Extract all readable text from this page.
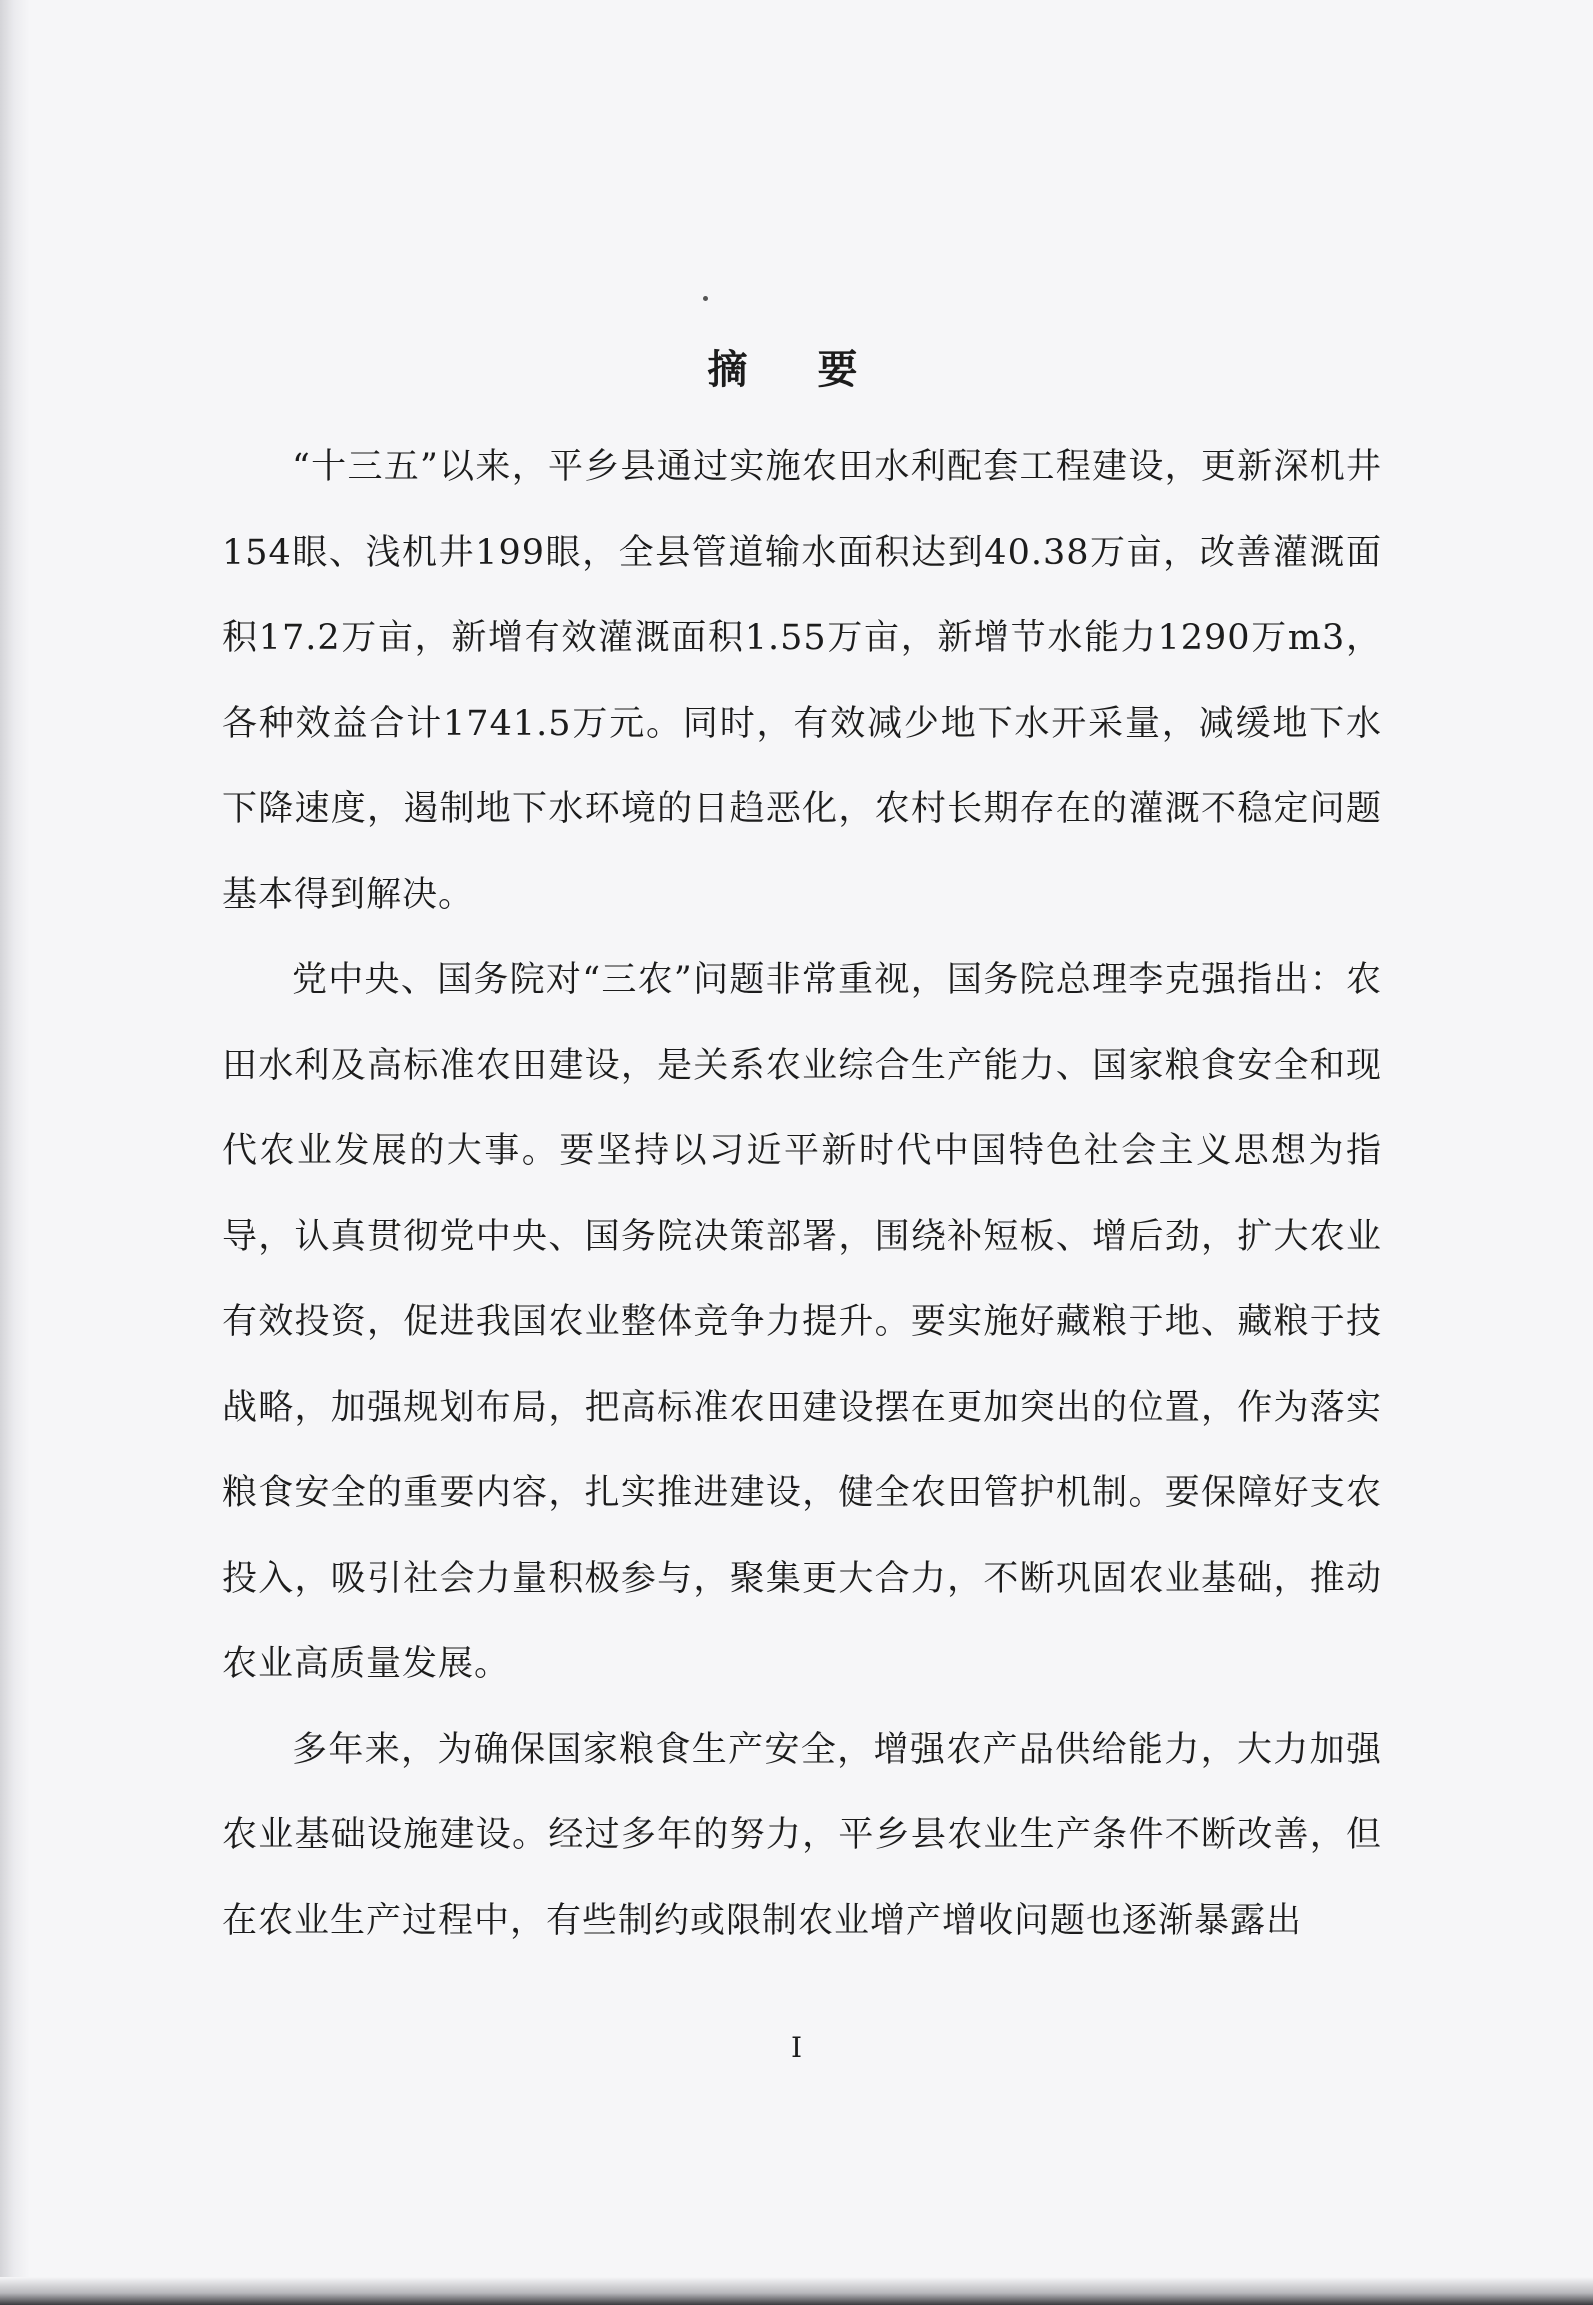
摘 要

“十三五”以来，平乡县通过实施农田水利配套工程建设，更新深机井154眼、浅机井199眼，全县管道输水面积达到40.38万亩，改善灌溉面积17.2万亩，新增有效灌溉面积1.55万亩，新增节水能力1290万m3，各种效益合计1741.5万元。同时，有效减少地下水开采量，减缓地下水下降速度，遏制地下水环境的日趋恶化，农村长期存在的灌溉不稳定问题基本得到解决。

党中央、国务院对“三农”问题非常重视，国务院总理李克强指出：农田水利及高标准农田建设，是关系农业综合生产能力、国家粮食安全和现代农业发展的大事。要坚持以习近平新时代中国特色社会主义思想为指导，认真贯彻党中央、国务院决策部署，围绕补短板、增后劲，扩大农业有效投资，促进我国农业整体竞争力提升。要实施好藏粮于地、藏粮于技战略，加强规划布局，把高标准农田建设摆在更加突出的位置，作为落实粮食安全的重要内容，扎实推进建设，健全农田管护机制。要保障好支农投入，吸引社会力量积极参与，聚集更大合力，不断巩固农业基础，推动农业高质量发展。

多年来，为确保国家粮食生产安全，增强农产品供给能力，大力加强农业基础设施建设。经过多年的努力，平乡县农业生产条件不断改善，但在农业生产过程中，有些制约或限制农业增产增收问题也逐渐暴露出

I
